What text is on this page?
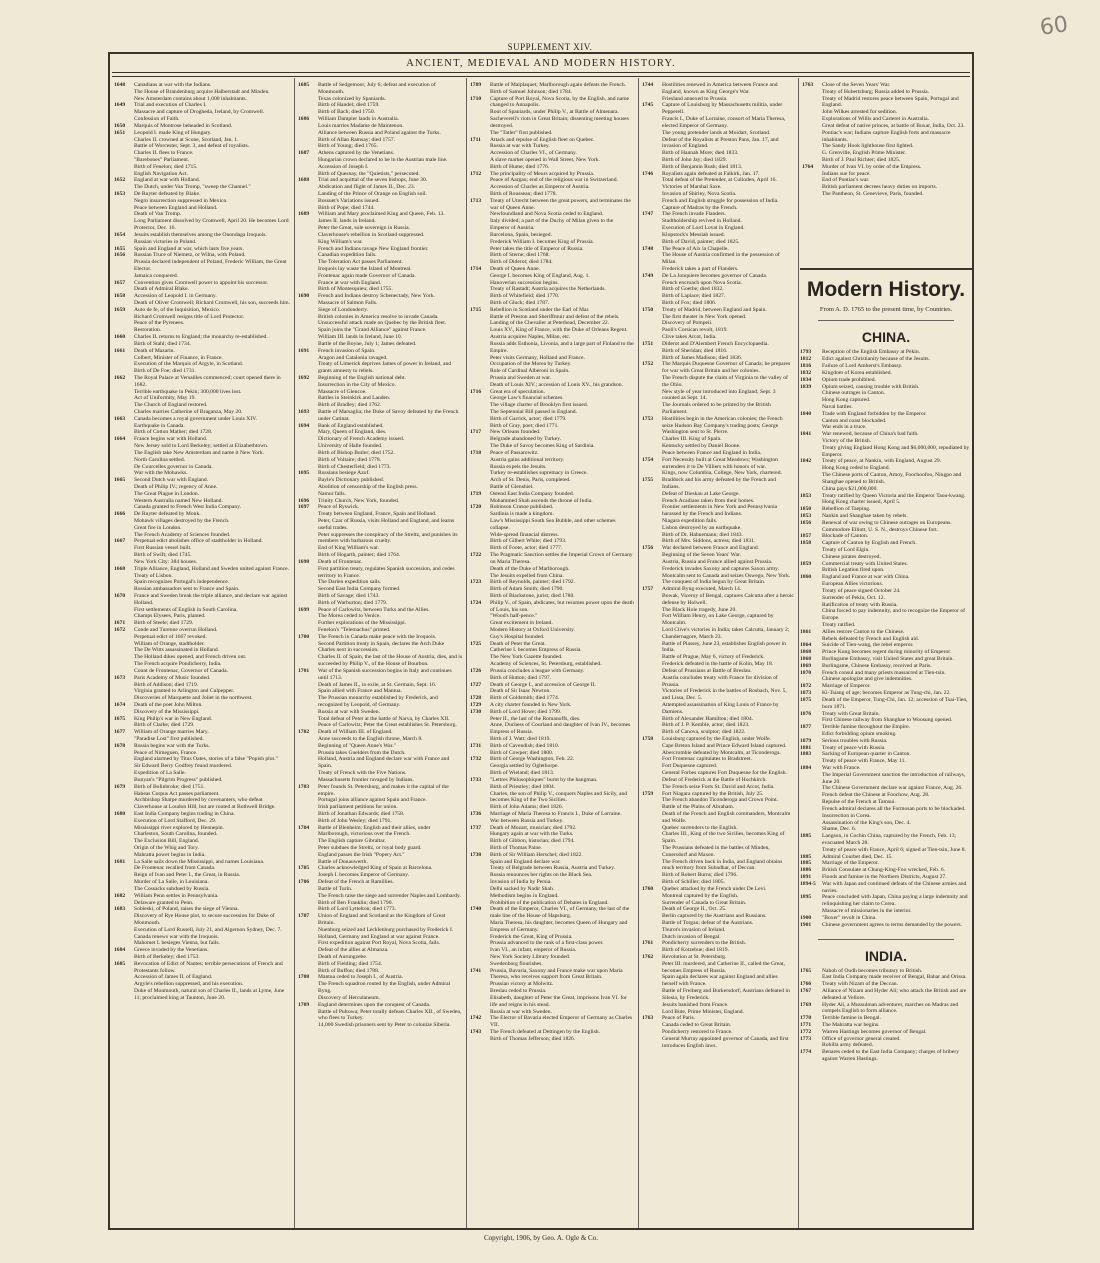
60
SUPPLEMENT XIV.
ANCIENT, MEDIEVAL AND MODERN HISTORY.
1648	Canadians at war with the Indians.
The House of Brandenburg acquire Halberstadt and Minden.
New Amsterdam contains about 1,000 inhabitants.
1649	Trial and execution of Charles I.
Massacre and capture of Drogheda, Ireland, by Cromwell.
Confession of Faith.
1650	Marquis of Montrose beheaded in Scotland.
1651	Leopold I. made King of Hungary.
Charles II. crowned at Scone, Scotland, Jan. 1.
Battle of Worcester, Sept. 3, and defeat of royalists.
Charles II. flees to France.
"Barebones" Parliament.
Birth of Fenelon; died 1715.
English Navigation Act.
1652	England at war with Holland.
The Dutch, under Van Tromp, "sweep the Channel."
1653	De Ruyter defeated by Blake.
Negro insurrection suppressed in Mexico.
Peace between England and Holland.
Death of Van Tromp.
Long Parliament dissolved by Cromwell, April 20. He becomes Lord Protector, Dec. 16.
1654	Jesuits establish themselves among the Onondaga Iroquois.
Russian victories in Poland.
1655	Spain and England at war, which lasts five years.
1656	Russian Truce of Niemetz, or Wilna, with Poland.
Prussia declared independent of Poland, Frederic William, the Great Elector.
Jamaica conquered.
1657	Convention gives Cromwell power to appoint his successor.
Death of Admiral Blake.
1658	Accession of Leopold I. in Germany.
Death of Oliver Cromwell; Richard Cromwell, his son, succeeds him.
1659	Auto de fe, of the Inquisition, Mexico.
Richard Cromwell resigns title of Lord Protector.
Peace of the Pyrenees.
Restoration.
1660	Charles II. returns to England; the monarchy re-established.
Birth of Stahl; died 1734.
1661	Death of Mazarin.
Colbert, Minister of Finance, in France.
Execution of the Marquis of Argyle, in Scotland.
Birth of De Foe; died 1731.
1662	The Royal Palace at Versailles commenced; court opened there in 1682.
Terrible earthquake in Pekin; 300,000 lives lost.
Act of Uniformity, May 19.
The Church of England restored.
Charles marries Catherine of Braganza, May 20.
1663	Canada becomes a royal government under Louis XIV.
Earthquake in Canada.
Birth of Cotton Mather; died 1728.
1664	France begins war with Holland.
New Jersey sold to Lord Berkeley; settled at Elizabethtown.
The English take New Amsterdam and name it New York.
North Carolina settled.
De Courcelles governor in Canada.
War with the Mohawks.
1665	Second Dutch war with England.
Death of Philip IV.; regency of Anne.
The Great Plague in London.
Western Australia named New Holland.
Canada granted to French West India Company.
1666	De Ruyter defeated by Monk.
Mohawk villages destroyed by the French.
Great fire in London.
The French Academy of Sciences founded.
1667	Perpetual edict abolishes office of stadtholder in Holland.
First Russian vessel built.
Birth of Swift; died 1745.
New York City: 384 houses.
1668	Triple Alliance, England, Holland and Sweden united against France.
Treaty of Lisbon.
Spain recognizes Portugal's independence.
Russian ambassadors sent to France and Spain.
1670	France and Sweden break the triple alliance, and declare war against Holland.
First settlements of English in South Carolina.
Champs Elysees, Paris, planted.
1671	Birth of Steele; died 1729.
1672	Conde and Turenne overrun Holland.
Perpetual edict of 1667 revoked.
William of Orange, stadtholder.
The De Witts assassinated in Holland.
The Holland dikes opened, and French driven out.
The French acquire Pondicherry, India.
Count de Frontenac, Governor of Canada.
1673	Paris Academy of Music founded.
Birth of Addison; died 1719.
Virginia granted to Arlington and Culpepper.
Discoveries of Marquette and Joliet in the northwest.
1674	Death of the poet John Milton.
Discovery of the Mississippi.
1675	King Philip's war in New England.
Birth of Clarke; died 1729.
1677	William of Orange marries Mary.
"Paradise Lost" first published.
1678	Russia begins war with the Turks.
Peace of Nimeguen, France.
England alarmed by Titus Oates, stories of a false "Popish plot."
Sir Edward Berry Godfrey found murdered.
Expedition of La Salle.
Bunyan's "Pilgrim Progress" published.
1679	Birth of Bolinbroke; died 1751.
Habeas Corpus Act passes parliament.
Archbishop Sharpe murdered by covenanters, who defeat Claverhouse at Loudon Hill, but are routed at Bothwell Bridge.
1680	East India Company begins trading in China.
Execution of Lord Stafford, Dec. 29.
Mississippi river explored by Hennepin.
Charleston, South Carolina, founded.
The Exclusion Bill, England.
Origin of the Whig and Tory.
Mahratta power begins in India.
1681	La Salle sails down the Mississippi, and names Louisiana.
De Frontenac recalled from Canada.
Reign of Ivan and Peter I., the Great, in Russia.
Murder of La Salle, in Louisiana.
The Cossacks subdued by Russia.
1682	William Penn settles in Pennsylvania.
Delaware granted to Penn.
1683	Sobieski, of Poland, raises the siege of Vienna.
Discovery of Rye House plot, to secure succession for Duke of Monmouth.
Execution of Lord Russell, July 21, and Algernon Sydney, Dec. 7.
Canada renews war with the Iroquois.
Mahomet I. besieges Vienna, but fails.
1684	Greece invaded by the Venetians.
Birth of Berkeley; died 1753.
1685	Revocation of Edict of Nantes; terrible persecutions of French and Protestants follow.
Accession of James II. of England.
Argyle's rebellion suppressed, and his execution.
Duke of Monmouth, natural son of Charles II., lands at Lyme, June 11; proclaimed king at Taunton, June 20.
1685	Battle of Sedgemoor, July 6; defeat and execution of Monmouth.
Texas colonized by Spaniards.
Birth of Handel; died 1759.
Birth of Bach; died 1750.
1686	William Dampier lands in Australia.
Louis marries Madame de Maintenon.
Alliance between Russia and Poland against the Turks.
Birth of Allan Ramsay; died 1757.
Birth of Young; died 1765.
1687	Athens captured by the Venetians.
Hungarian crown declared to be in the Austrian male line.
Accession of Joseph I.
Birth of Quesnay, the "Quietists," persecuted.
1688	Trial and acquittal of the seven bishops, June 30.
Abdication and flight of James II., Dec. 23.
Landing of the Prince of Orange on English soil.
Bossuet's Variations issued.
Birth of Pope; died 1744.
1689	William and Mary proclaimed King and Queen, Feb. 13.
James II. lands in Ireland.
Peter the Great, sole sovereign in Russia.
Claverhouse's rebellion in Scotland suppressed.
King William's war.
French and Indians ravage New England frontier.
Canadian expedition fails.
The Toleration Act passes Parliament.
Iroquois lay waste the Island of Montreal.
Frontenac again made Governor of Canada.
France at war with England.
Birth of Montesquieu; died 1755.
1690	French and Indians destroy Schenectady, New York.
Massacre of Salmon Falls.
Siege of Londonderry.
British colonies in America resolve to invade Canada.
Unsuccessful attack made on Quebec by the British fleet.
Spain joins the "Grand Alliance" against France.
William III. lands in Ireland, June 10.
Battle of the Boyne, July 1; James defeated.
1691	French invasion of Spain.
Aragon and Catalonia ravaged.
Treaty of Limerick deprives James of power in Ireland, and grants amnesty to rebels.
1692	Beginning of the English national debt.
Insurrection in the City of Mexico.
Massacre of Glencoe.
Battles in Steinkirk and Landen.
Birth of Bradley; died 1762.
1693	Battle of Marsaglia; the Duke of Savoy defeated by the French under Catinat.
1694	Bank of England established.
Mary, Queen of England, dies.
Dictionary of French Academy issued.
University of Halle founded.
Birth of Bishop Butler; died 1752.
Birth of Voltaire; died 1778.
Birth of Chesterfield; died 1773.
1695	Russians besiege Azof.
Bayle's Dictionary published.
Abolition of censorship of the English press.
Namur falls.
1696	Trinity Church, New York, founded.
1697	Peace of Ryswick.
Treaty between England, France, Spain and Holland.
Peter, Czar of Russia, visits Holland and England, and learns useful trades.
Peter suppresses the conspiracy of the Streltz, and punishes its members with barbarous cruelty.
End of King William's war.
Birth of Hogarth, painter; died 1764.
1698	Death of Frontenac.
First partition treaty, regulates Spanish succession, and cedes territory to France.
The Darien expedition sails.
Second East India Company formed.
Birth of Savage; died 1743.
Birth of Warburton; died 1779.
1699	Peace of Carlowitz, between Turks and the Allies.
The Morea ceded to Venice.
Further explorations of the Mississippi.
Fenelon's "Telemachus" printed.
1700	The French in Canada make peace with the Iroquois.
Second Partition treaty in Spain, declares the Arch Duke Charles next in succession.
Charles II. of Spain, the last of the House of Austria, dies, and is succeeded by Philip V., of the House of Bourbon.
1701	War of the Spanish succession begins in Italy and continues until 1713.
Death of James II., in exile, at St. Germain, Sept. 16.
Spain allied with France and Mantua.
The Prussian monarchy established by Frederick, and recognized by Leopold, of Germany.
Russia at war with Sweden.
Total defeat of Peter at the battle of Narva, by Charles XII.
Peace of Carlowitz; Peter the Great establishes St. Petersburg.
1702	Death of William III. of England.
Anne succeeds to the English throne, March 8.
Beginning of "Queen Anne's War."
Prussia takes Guelders from the Dutch.
Holland, Austria and England declare war with France and Spain.
Treaty of French with the Five Nations.
Massachusetts frontier ravaged by Indians.
1703	Peter founds St. Petersburg, and makes it the capital of the empire.
Portugal joins alliance against Spain and France.
Irish parliament petitions for union.
Birth of Jonathan Edwards; died 1758.
Birth of John Wesley; died 1791.
1704	Battle of Blenheim; English and their allies, under Marlborough, victorious over the French.
The English capture Gibraltar.
Peter subdues the Streltz, or royal body guard.
England passes the Irish "Popery Act."
Battle of Donauwerth.
1705	Charles acknowledged King of Spain at Barcelona.
Joseph I. becomes Emperor of Germany.
1706	Defeat of the French at Ramillies.
Battle of Turin.
The French raise the siege and surrender Naples and Lombardy.
Birth of Ben Franklin; died 1790.
Birth of Lord Lyttelton; died 1773.
1707	Union of England and Scotland as the Kingdom of Great Britain.
Nuenburg seized and Lecklenburg purchased by Frederick I.
Holland, Germany and England at war against France.
First expedition against Port Royal, Nova Scotia, fails.
Defeat of the allies at Almanza.
Death of Aurungzebe.
Birth of Fielding; died 1754.
Birth of Buffon; died 1788.
1708	Mantua ceded to Joseph I., of Austria.
The French squadron routed by the English, under Admiral Byng.
Discovery of Herculaneum.
1709	England determines upon the conquest of Canada.
Battle of Pultowa; Peter totally defeats Charles XII., of Sweden, who flees to Turkey.
14,000 Swedish prisoners sent by Peter to colonize Siberia.
1709	Battle of Malplaquet; Marlborough again defeats the French.
Birth of Samuel Johnson; died 1784.
1710	Capture of Port Royal, Nova Scotia, by the English, and name changed to Annapolis.
Rout of Spaniards, under Philip V., at Battle of Almenara.
Sacheverell's riots in Great Britain; dissenting meeting houses destroyed.
The "Tatler" first published.
1711	Attack and repulse of English fleet on Quebec.
Russia at war with Turkey.
Accession of Charles VI., of Germany.
A slave market opened in Wall Street, New York.
Birth of Hume; died 1776.
1712	The principality of Meurs acquired by Prussia.
Peace of Aargau; end of the religious war in Switzerland.
Accession of Charles as Emperor of Austria.
Birth of Rousseau; died 1778.
1713	Treaty of Utrecht between the great powers, and terminates the war of Queen Anne.
Newfoundland and Nova Scotia ceded to England.
Italy divided; a part of the Duchy of Milan given to the Emperor of Austria.
Barcelona, Spain, besieged.
Frederick William I. becomes King of Prussia.
Peter takes the title of Emperor of Russia.
Birth of Sterne; died 1768.
Birth of Diderot; died 1784.
1714	Death of Queen Anne.
George I. becomes King of England, Aug. 1.
Hanoverian succession begins.
Treaty of Rastadt; Austria acquires the Netherlands.
Birth of Whitefield; died 1770.
Birth of Gluck; died 1787.
1715	Rebellion in Scotland under the Earl of Mar.
Battle of Preston and Sheriffmuir and defeat of the rebels.
Landing of the Chevalier at Peterhead, December 22.
Louis XV., King of France, with the Duke of Orleans Regent.
Austria acquires Naples, Milan, etc.
Russia adds Esthonia, Livonia, and a large part of Finland to the Empire.
Peter visits Germany, Holland and France.
Occupation of the Morea by Turkey.
Rule of Cardinal Alberoni in Spain.
Prussia and Sweden at war.
Death of Louis XIV.; accession of Louis XV., his grandson.
1716	Great era of speculation.
George Law's financial schemes.
The village charter of Brooklyn first issued.
The Septennial Bill passed in England.
Birth of Garrick, actor; died 1779.
Birth of Gray, poet; died 1771.
1717	New Orleans founded.
Belgrade abandoned by Turkey.
The Duke of Savoy becomes King of Sardinia.
1718	Peace of Passarowitz.
Austria gains additional territory.
Russia expels the Jesuits.
Turkey re-establishes supremacy in Greece.
Arch of St. Denis, Paris, completed.
Battle of Glenshiel.
1719	Ostend East India Company founded.
Mohammed Shah ascends the throne of India.
1720	Robinson Crusoe published.
Sardinia is made a kingdom.
Law's Mississippi South Sea Bubble, and other schemes collapse.
Wide-spread financial distress.
Birth of Gilbert White; died 1793.
Birth of Foote, actor; died 1777.
1722	The Pragmatic Sanction settles the Imperial Crown of Germany on Maria Theresa.
Death of the Duke of Marlborough.
The Jesuits expelled from China.
1723	Birth of Reynolds, painter; died 1792.
Birth of Adam Smith; died 1790.
Birth of Blackstone, jurist; died 1780.
1724	Philip V., of Spain, abdicates, but resumes power upon the death of Louis, his son.
"Wood's half-pence."
Great excitement in Ireland.
Modern History at Oxford University.
Guy's Hospital founded.
1725	Death of Peter the Great.
Catherine I. becomes Empress of Russia.
The New York Gazette founded.
Academy of Sciences, St. Petersburg, established.
1726	Prussia concludes a league with Germany.
Birth of Hutton; died 1797.
1727	Death of George I., and accession of George II.
Death of Sir Isaac Newton.
1728	Birth of Goldsmith; died 1774.
1729	A city charter founded in New York.
1730	Birth of Lord Howe; died 1799.
Peter II., the last of the Romanoffs, dies.
Anne, Duchess of Courland and daughter of Ivan IV., becomes Empress of Russia.
Birth of J. Watt; died 1819.
1731	Birth of Cavendish; died 1810.
Birth of Cowper; died 1800.
1732	Birth of George Washington, Feb. 22.
Georgia settled by Oglethorpe.
Birth of Wieland; died 1813.
1733	"Lettres Philosophiques" burnt by the hangman.
Birth of Priestley; died 1804.
Charles, the son of Philip V., conquers Naples and Sicily, and becomes King of the Two Sicilies.
Birth of John Adams; died 1826.
1736	Marriage of Maria Theresa to Francis I., Duke of Lorraine.
War between Russia and Turkey.
1737	Death of Mozart, musician; died 1792.
Hungary again at war with the Turks.
Birth of Gibbon, historian; died 1794.
Birth of Thomas Paine.
1738	Birth of Sir William Herschel; died 1822.
Spain and England declare war.
Treaty of Belgrade between Russia, Austria and Turkey.
Russia renounces her rights on the Black Sea.
Invasion of India by Persia.
Delhi sacked by Nadir Shah.
Methodism begins in England.
Prohibition of the publication of Debates in England.
1740	Death of the Emperor, Charles VI., of Germany, the last of the male line of the House of Hapsburg.
Maria Theresa, his daughter, becomes Queen of Hungary and Empress of Germany.
Frederick the Great, King of Prussia.
Prussia advanced to the rank of a first-class power.
Ivan VI., an infant, emperor of Russia.
New York Society Library founded.
Swedenborg flourishes.
1741	Prussia, Bavaria, Saxony and France make war upon Maria Theresa, who receives support from Great Britain.
Prussian victory at Molwitz.
Breslau ceded to Prussia.
Elisabeth, daughter of Peter the Great, imprisons Ivan VI. for life and reigns in his stead.
Russia at war with Sweden.
1742	The Elector of Bavaria elected Emperor of Germany as Charles VII.
1743	The French defeated at Dettingen by the English.
Birth of Thomas Jefferson; died 1826.
1744	Hostilities renewed in America between France and England, known as King George's War.
Friesland annexed to Prussia.
1745	Capture of Louisburg by Massachusetts militia, under Pepperell.
Francis I., Duke of Lorraine, consort of Maria Theresa, elected Emperor of Germany.
The young pretender lands at Moidart, Scotland.
Defeat of the Royalists at Preston Pans, Jan. 17, and invasion of England.
Birth of Hannah More; died 1833.
Birth of John Jay; died 1829.
Birth of Benjamin Rush; died 1813.
1746	Royalists again defeated at Falkirk, Jan. 17.
Total defeat of the Pretender, at Culloden, April 16.
Victories of Marshal Saxe.
Invasion of Shirley, Nova Scotia.
French and English struggle for possession of India.
Capture of Madras by the French.
1747	The French invade Flanders.
Stadtholdership revived in Holland.
Execution of Lord Lovat in England.
Klopstock's Messiah issued.
Birth of David, painter; died 1825.
1748	The Peace of Aix la Chapelle.
The House of Austria confirmed in the possession of Milan.
Frederick takes a part of Flanders.
1749	De La Jonquiere becomes governor of Canada.
French encroach upon Nova Scotia.
Birth of Goethe; died 1832.
Birth of Laplace; died 1827.
Birth of Fox; died 1806.
1750	Treaty of Madrid, between England and Spain.
The first theater in New York opened.
Discovery of Pompeii.
Paoli's Corsican revolt, 1819.
Clive takes Arcot, India.
1751	Diderot and D'Alembert French Encyclopaedia.
Birth of Sheridan; died 1816.
Birth of James Madison; died 1836.
1752	The Marquis Duquesne Governor of Canada; he prepares for war with Great Britain and her colonies.
The French dispute the claim of Virginia to the valley of the Ohio.
New style of year introduced into England; Sept. 3 counted as Sept. 14.
The Journals ordered to be printed by the British Parliament.
1753	Hostilities begin in the American colonies; the French seize Hudson Bay Company's trading posts; George Washington sent to St. Pierre.
Charles III. King of Spain.
Kentucky settled by Daniel Boone.
Peace between France and England in India.
1754	Fort Necessity built at Great Meadows; Washington surrenders it to De Villiers with honors of war.
Kings, now Columbia, College, New York, chartered.
1755	Braddock and his army defeated by the French and Indians.
Defeat of Dieskau at Lake George.
French Acadians taken from their homes.
Frontier settlements in New York and Pennsylvania harassed by the French and Indians.
Niagara expedition fails.
Lisbon destroyed by an earthquake.
Birth of Dr. Hahnemann; died 1843.
Birth of Mrs. Siddons, actress; died 1831.
1756	War declared between France and England.
Beginning of the Seven Years' War.
Austria, Russia and France allied against Prussia.
Frederick invades Saxony and captures Saxon army.
Montcalm sent to Canada and seizes Oswego, New York.
The conquest of India begun by Great Britain.
1757	Admiral Byng executed, March 14.
Bowak, Viceroy of Bengal, captures Calcutta after a heroic defense by Holwell.
The Black Hole tragedy, June 20.
Fort William Henry, on Lake George, captured by Montcalm.
Lord Clive's victories in India; takes Calcutta, January 2; Chandernagore, March 23.
Battle of Plassey, June 23, establishes English power in India.
Battle of Prague, May 6, victory of Frederick.
Frederick defeated in the battle of Kolin, May 18.
Defeat of Prussians at Battle of Breslau.
Austria concludes treaty with France for division of Prussia.
Victories of Frederick in the battles of Rosbach, Nov. 5, and Lissa, Dec. 5.
Attempted assassination of King Louis of France by Damiens.
Birth of Alexander Hamilton; died 1804.
Birth of J. P. Kemble, actor; died 1823.
Birth of Canova, sculptor; died 1822.
1758	Louisburg captured by the English, under Wolfe.
Cape Breton Island and Prince Edward Island captured.
Abercrombie defeated by Montcalm, at Ticonderoga.
Fort Frontenac capitulates to Bradstreet.
Fort Duquesne captured.
General Forbes captures Fort Duquesne for the English.
Defeat of Frederick at the Battle of Hochkirch.
The French seize Forts St. David and Arcot, India.
1759	Fort Niagara captured by the British, July 25.
The French abandon Ticonderoga and Crown Point.
Battle of the Plains of Abraham.
Death of the French and English commanders, Montcalm and Wolfe.
Quebec surrenders to the English.
Charles III., King of the two Sicilies, becomes King of Spain.
The Prussians defeated in the battles of Minden, Cunersdorf and Maxen.
The French driven back in India, and England obtains much territory from Subadhar, of Deccan.
Birth of Robert Burns; died 1796.
Birth of Schiller; died 1805.
1760	Quebec attacked by the French under De Levi.
Montreal captured by the English.
Surrender of Canada to Great Britain.
Death of George II., Oct. 25.
Berlin captured by the Austrians and Russians.
Battle of Torgau; defeat of the Austrians.
Thurot's invasion of Ireland.
Dutch invasion of Bengal.
1761	Pondicherry surrenders to the British.
Birth of Kotzebue; died 1819.
1762	Revolution at St. Petersburg.
Peter III. murdered, and Catherine II., called the Great, becomes Empress of Russia.
Spain again declares war against England and allies herself with France.
Battle of Freiberg and Burkersdorf; Austrians defeated in Silesia, by Frederick.
Jesuits banished from France.
Lord Bute, Prime Minister, England.
1763	Peace of Paris.
Canada ceded to Great Britain.
Pondicherry restored to France.
General Murray appointed governor of Canada, and first introduces English laws.
1763	Close of the Seven Years' War.
Treaty of Hubertsburg; Russia added to Prussia.
Treaty of Madrid restores peace between Spain, Portugal and England.
John Wilkes arrested for sedition.
Explorations of Willis and Carteret in Australia.
Great defeat of native princes, at battle of Buxar, India, Oct. 23.
Pontiac's war; Indians capture English forts and massacre inhabitants.
The Sandy Hook lighthouse first lighted.
G. Grenville, English Prime Minister.
Birth of J. Paul Richter; died 1825.
1764	Murder of Ivan VI. by order of the Empress.
Indians sue for peace.
End of Pontiac's war.
British parliament decrees heavy duties on imports.
The Pantheon, St. Genevieve, Paris, founded.
Modern History.
From A. D. 1765 to the present time, by Countries.
CHINA.
1793	Reception of the English Embassy at Pekin.
1812	Edict against Christianity because of the Jesuits.
1816	Failure of Lord Amherst's Embassy.
1832	Kingdom of Korea established.
1834	Opium trade prohibited.
1839	Opium seized, causing trouble with British.
Chinese outrages in Canton.
Hong Kong captured.
Naval battles.
1840	Trade with England forbidden by the Emperor.
Canton and coast blockaded.
War ends in a truce.
1841	War renewed, because of China's bad faith.
Victory of the British.
Treaty giving England Hong Kong and $6,000,000, repudiated by Emperor.
1842	Treaty of peace, at Nankin, with England, August 29.
Hong Kong ceded to England.
The Chinese ports of Canton, Amoy, Foochoofoo, Ningpo and Shanghae opened to British.
China pays $21,000,000.
1853	Treaty ratified by Queen Victoria and the Emperor Taou-kwang.
Hong Kong charter issued, April 5.
1850	Rebellion of Taeping.
1853	Nankin and Shanghae taken by rebels.
1856	Renewal of war owing to Chinese outrages on Europeans.
Commodore Elliott, U. S. N., destroys Chinese fort.
1857	Blockade of Canton.
1858	Capture of Canton by English and French.
Treaty of Lord Elgin.
Chinese pirates destroyed.
1859	Commercial treaty with United States.
British Legation fired upon.
1860	England and France at war with China.
European Allies victorious.
Treaty of peace signed October 24.
Surrender of Pekin, Oct. 12.
Ratification of treaty with Russia.
China forced to pay indemnity, and to recognize the Emperor of Europe.
Treaty ratified.
1861	Allies restore Canton to the Chinese.
Rebels defeated by French and English aid.
1864	Suicide of Tien-wang, the rebel emperor.
1868	Prince Kung becomes regent during minority of Emperor.
1868	Burlingame Embassy, visit United States and great Britain.
1869	Burlingame, Chinese Embassy, received at Paris.
1870	French consul and many priests massacred at Tien-tsin.
Chinese apologize and give indemnities.
1872	Marriage of Emperor.
1873	Ki-Tsiang of age; becomes Emperor as Tung-chi, Jan. 22.
1875	Death of the Emperor, Tung-Chi, Jan. 12; accession of Tsai-Tien, born 1871.
1876	Treaty with Great Britain.
First Chinese railway from Shanghae to Woosung opened.
1877	Terrible famine throughout the Empire.
Edict forbidding opium smoking.
1879	Serious troubles with Russia.
1881	Treaty of peace with Russia.
1883	Sacking of European quarter in Canton.
Treaty of peace with France, May 11.
1884	War with France.
The Imperial Government sanction the introduction of railways, June 20.
The Chinese Government declare war against France, Aug. 26.
French defeat the Chinese at Foochow, Aug. 28.
Repulse of the French at Tamsui.
French admiral declares all the Formosan ports to be blockaded.
Insurrection in Corea.
Assassination of the King's son, Dec. 4.
Shame, Dec. 6.
1885	Langson, in Cochin China, captured by the French, Feb. 13; evacuated March 28.
Treaty of peace with France, April 6; signed at Tien-tsin, June 8.
1885	Admiral Courbet died, Dec. 15.
1885	Marriage of the Emperor.
1886	British Consulate at Chung-King-Foo wrecked, Feb. 6.
1891	Floods and famine in the Northern Districts, August 27.
1894-5	War with Japan and continued defeats of the Chinese armies and navies.
1895	Peace concluded with Japan, China paying a large indemnity and relinquishing her claim to Corea.
Massacre of missionaries in the interior.
1900	"Boxer" revolt in China.
1901	Chinese government agrees to terms demanded by the powers.
INDIA.
1765	Nabob of Oudh becomes tributary to British.
East India Company made receiver of Bengal, Bahar and Orissa.
1766	Treaty with Nizam of the Deccan.
1767	Alliance of Nizam and Hyder Ali; who attack the British and are defeated at Vellore.
1769	Hyder Ali, a Mussulman adventurer, marches on Madras and compels English to form alliance.
1770	Terrible famine in Bengal.
1771	The Mahratta war begins.
1772	Warren Hastings becomes governor of Bengal.
1773	Office of governor general created.
Rohilla army defeated.
1774	Benares ceded to the East India Company; charges of bribery against Warren Hastings.
Copyright, 1906, by Geo. A. Ogle & Co.
